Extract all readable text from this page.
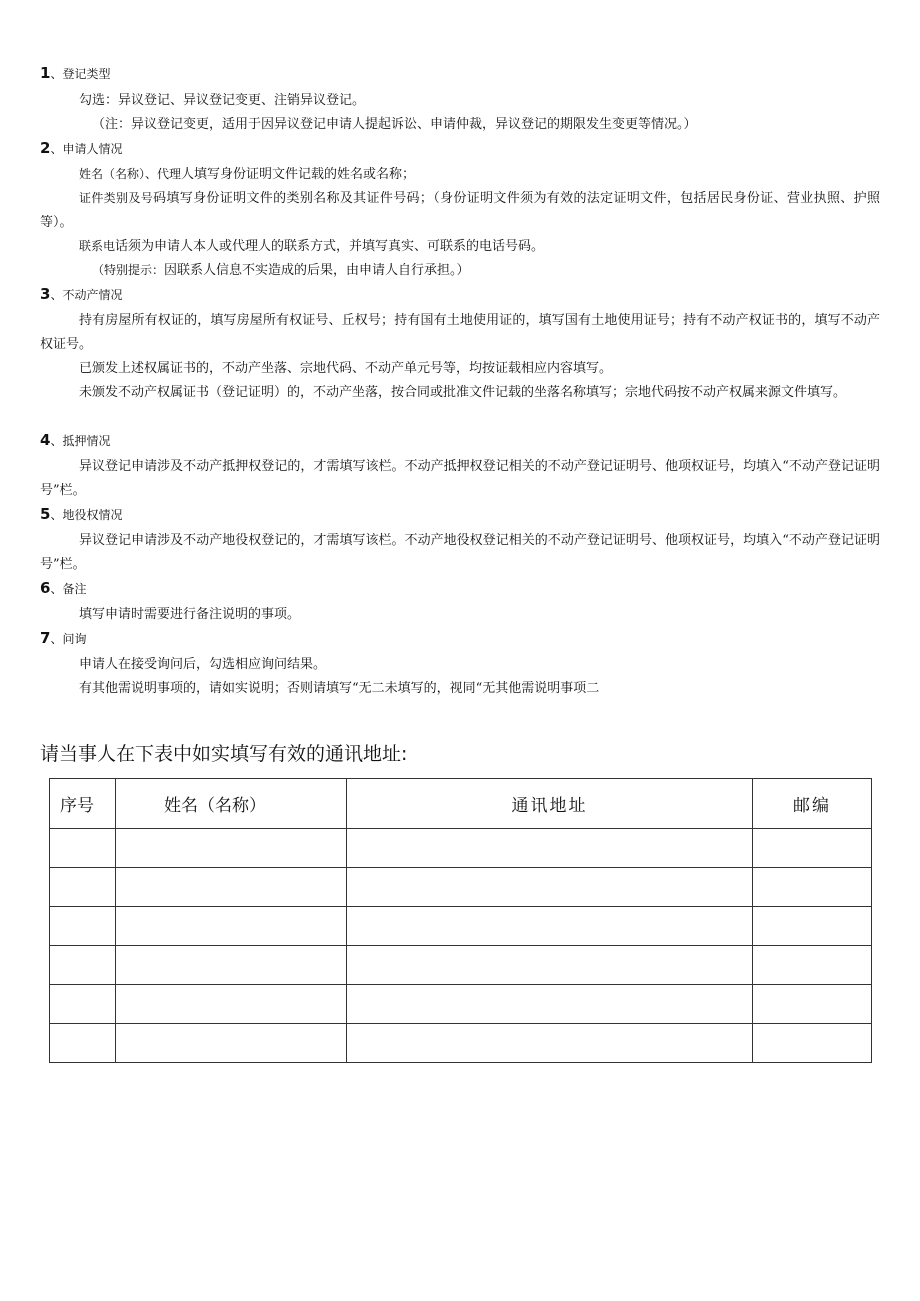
1、登记类型
勾选：异议登记、异议登记变更、注销异议登记。
（注：异议登记变更，适用于因异议登记申请人提起诉讼、申请仲裁，异议登记的期限发生变更等情况。）
2、申请人情况
姓名（名称）、代理人填写身份证明文件记载的姓名或名称；
证件类别及号码填写身份证明文件的类别名称及其证件号码；（身份证明文件须为有效的法定证明文件，包括居民身份证、营业执照、护照等）。
联系电话须为申请人本人或代理人的联系方式，并填写真实、可联系的电话号码。
（特别提示：因联系人信息不实造成的后果，由申请人自行承担。）
3、不动产情况
持有房屋所有权证的，填写房屋所有权证号、丘权号；持有国有土地使用证的，填写国有土地使用证号；持有不动产权证书的，填写不动产权证号。
已颁发上述权属证书的，不动产坐落、宗地代码、不动产单元号等，均按证载相应内容填写。
未颁发不动产权属证书（登记证明）的，不动产坐落，按合同或批准文件记载的坐落名称填写；宗地代码按不动产权属来源文件填写。
4、抵押情况
异议登记申请涉及不动产抵押权登记的，才需填写该栏。不动产抵押权登记相关的不动产登记证明号、他项权证号，均填入“不动产登记证明号”栏。
5、地役权情况
异议登记申请涉及不动产地役权登记的，才需填写该栏。不动产地役权登记相关的不动产登记证明号、他项权证号，均填入“不动产登记证明号”栏。
6、备注
填写申请时需要进行备注说明的事项。
7、问询
申请人在接受询问后，勾选相应询问结果。
有其他需说明事项的，请如实说明；否则请填写“无二未填写的，视同“无其他需说明事项二
请当事人在下表中如实填写有效的通讯地址:
序号	姓名（名称）	通讯地址	邮编
